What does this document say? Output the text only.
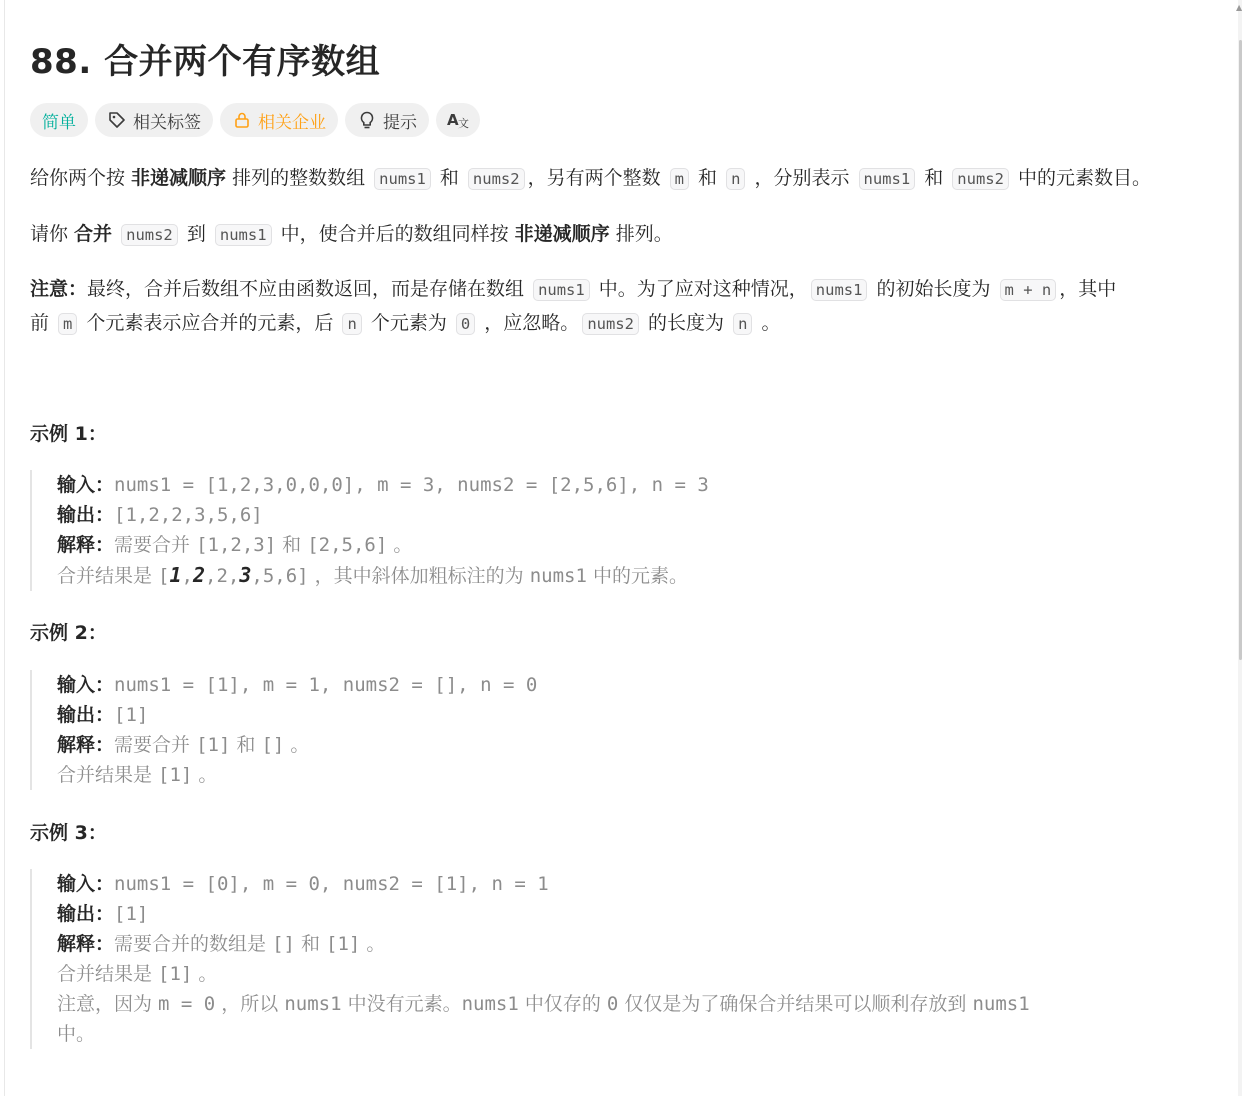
▲
88. 合并两个有序数组
简单	相关标签	相关企业	提示 A 文
给你两个按 非递减顺序 排列的整数数组 nums1 和 nums2 ，另有两个整数 m 和 n ，分别表示 nums1 和 nums2 中的元素数目。
请你 合并 nums2 到 nums1 中，使合并后的数组同样按 非递减顺序 排列。
注意：最终，合并后数组不应由函数返回，而是存储在数组 nums1 中。为了应对这种情况， nums1 的初始长度为 m + n ，其中
前 m 个元素表示应合并的元素，后 n 个元素为 0 ，应忽略。 nums2 的长度为 n 。
示例 1：
输入：nums1 = [1,2,3,0,0,0], m = 3, nums2 = [2,5,6], n = 3
输出：[1,2,2,3,5,6]
解释：需要合并 [1,2,3] 和 [2,5,6] 。
合并结果是 [1,2,2,3,5,6] ，其中斜体加粗标注的为 nums1 中的元素。
示例 2：
输入：nums1 = [1], m = 1, nums2 = [], n = 0
输出：[1]
解释：需要合并 [1] 和 [] 。
合并结果是 [1] 。
示例 3：
输入：nums1 = [0], m = 0, nums2 = [1], n = 1
输出：[1]
解释：需要合并的数组是 [] 和 [1] 。
合并结果是 [1] 。
注意，因为 m = 0 ，所以 nums1 中没有元素。nums1 中仅存的 0 仅仅是为了确保合并结果可以顺利存放到 nums1
中。
